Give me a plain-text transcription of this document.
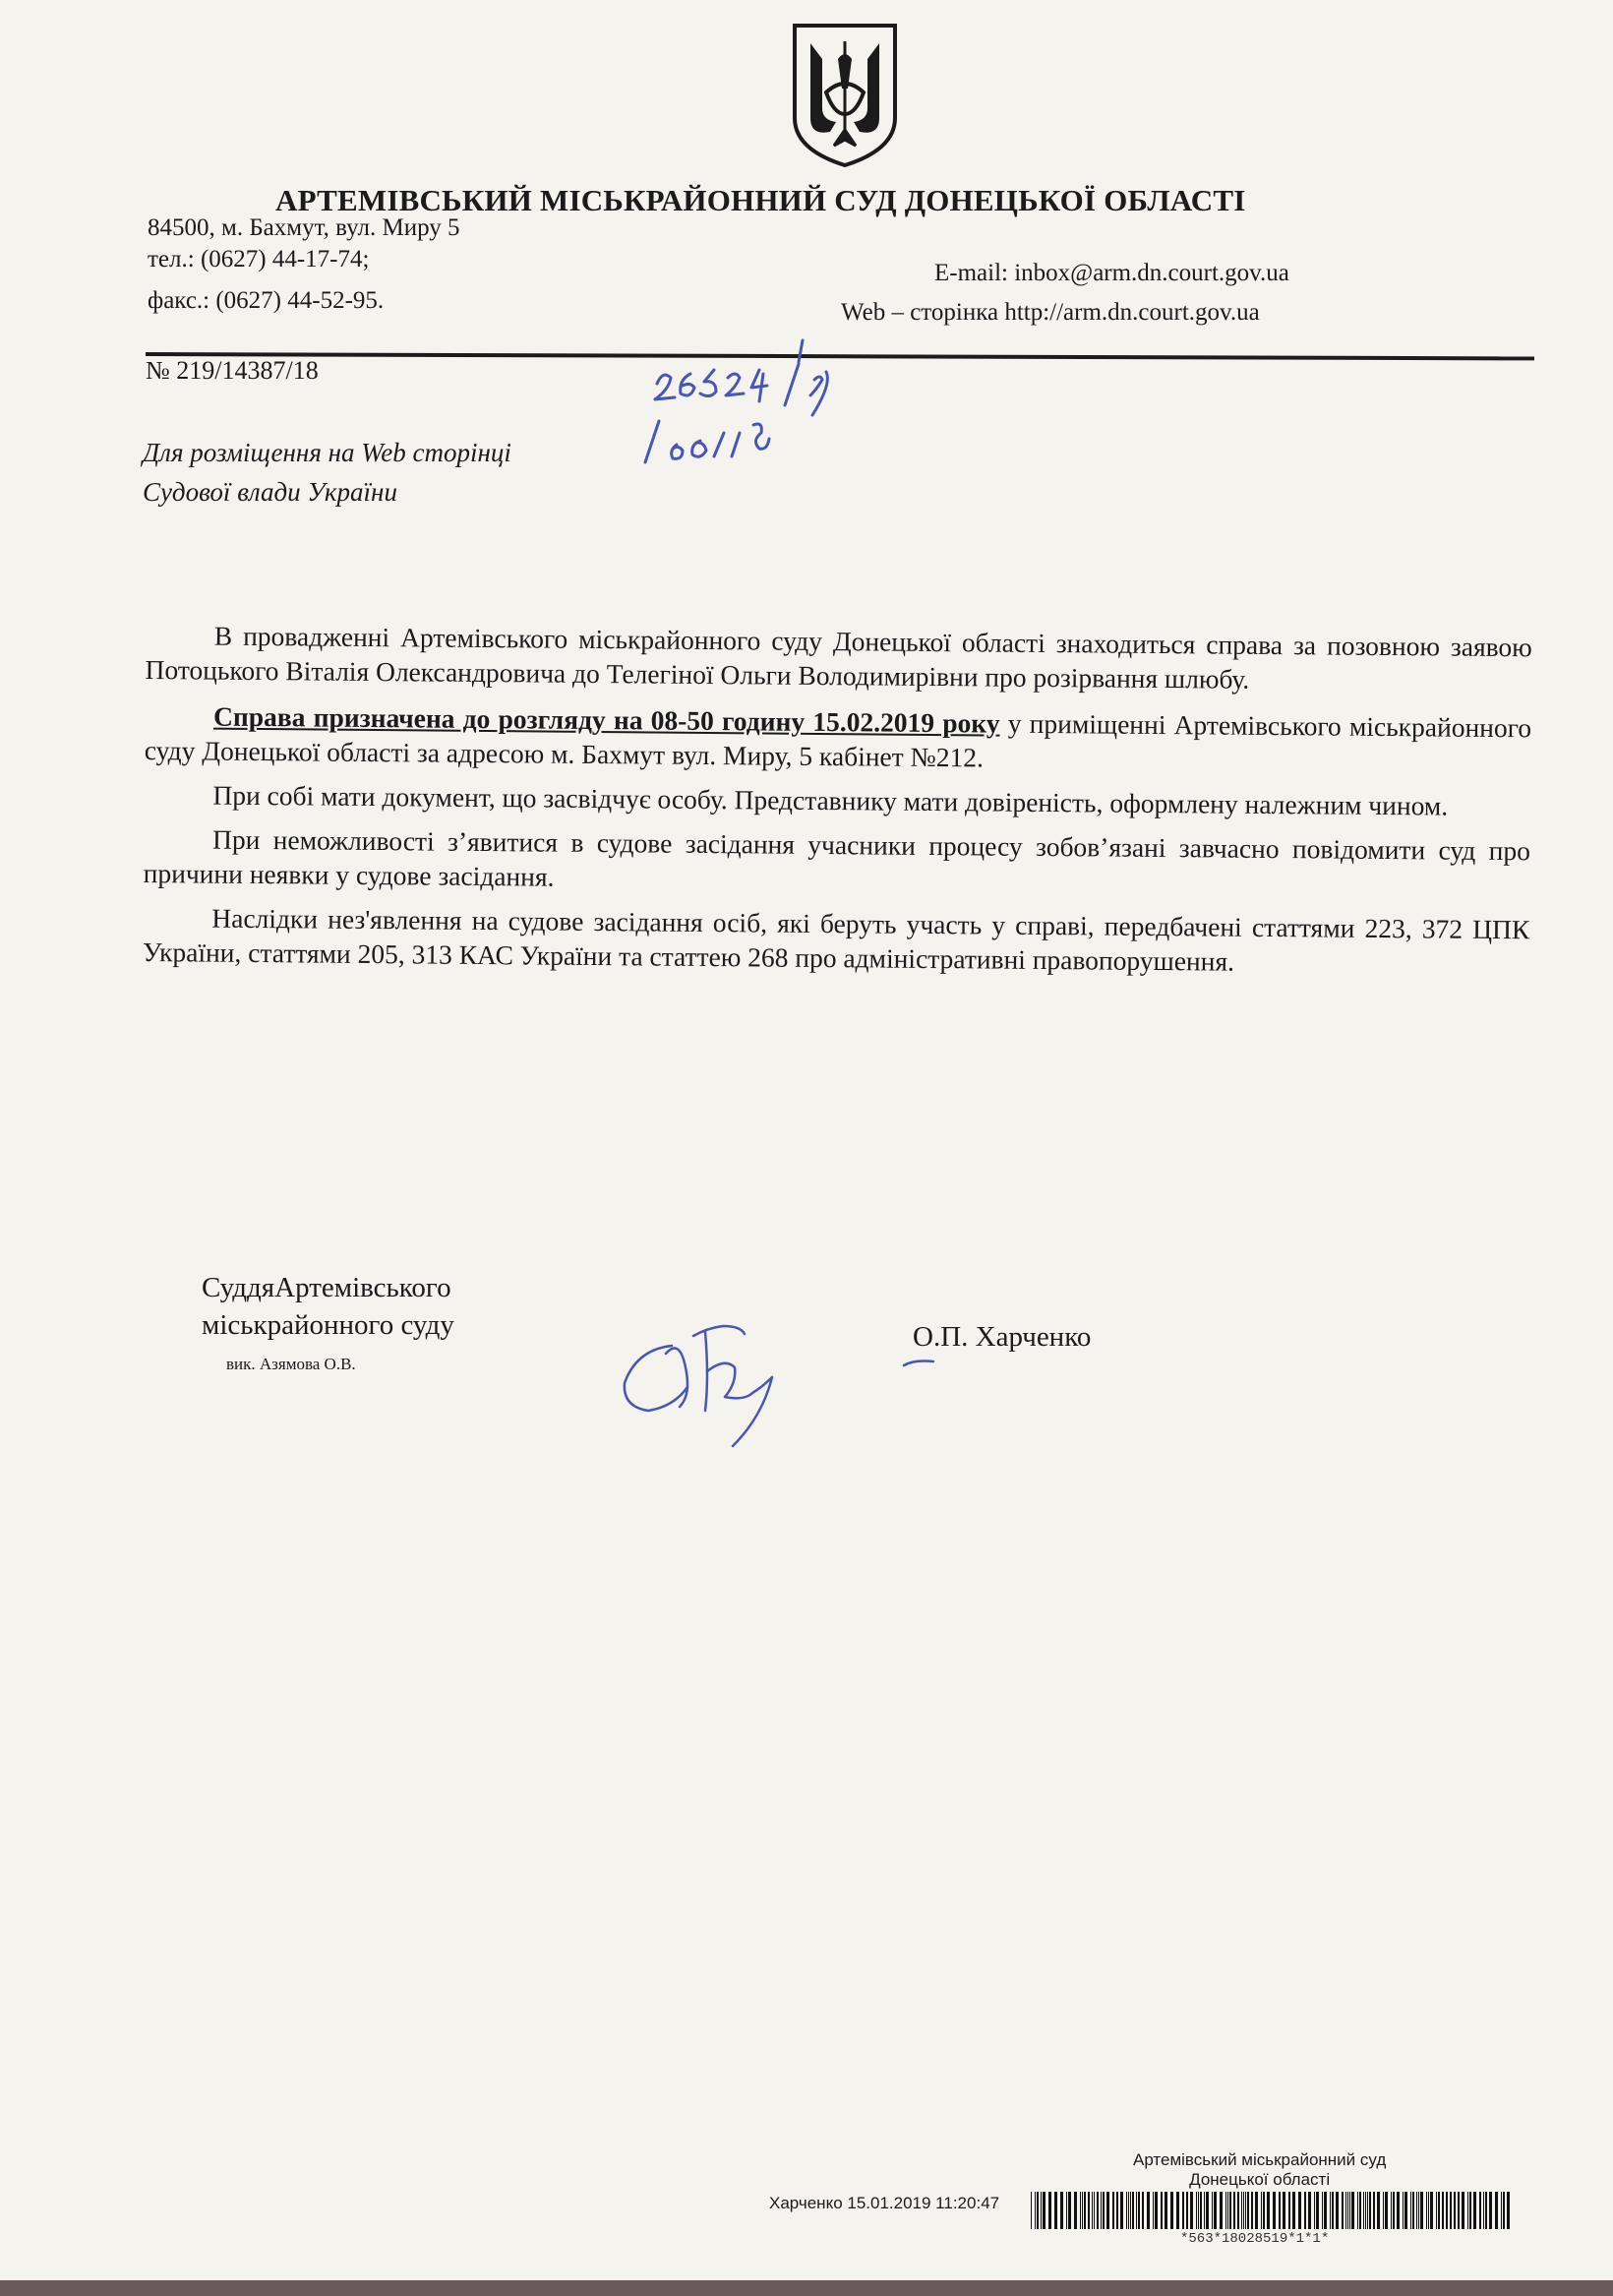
АРТЕМІВСЬКИЙ МІСЬКРАЙОННИЙ СУД ДОНЕЦЬКОЇ ОБЛАСТІ
84500, м. Бахмут, вул. Миру 5
тел.: (0627) 44-17-74;
факс.: (0627) 44-52-95.
E-mail: inbox@arm.dn.court.gov.ua
Web – сторінка http://arm.dn.court.gov.ua
№ 219/14387/18
Для розміщення на Web сторінці
Судової влади України

В провадженні Артемівського міськрайонного суду Донецької області знаходиться справа за позовною заявою Потоцького Віталія Олександровича до Телегіної Ольги Володимирівни про розірвання шлюбу.

Справа призначена до розгляду на 08-50 годину 15.02.2019 року у приміщенні Артемівського міськрайонного суду Донецької області за адресою м. Бахмут вул. Миру, 5 кабінет №212.

При собі мати документ, що засвідчує особу. Представнику мати довіреність, оформлену належним чином.

При неможливості з’явитися в судове засідання учасники процесу зобов’язані завчасно повідомити суд про причини неявки у судове засідання.

Наслідки нез'явлення на судове засідання осіб, які беруть участь у справі, передбачені статтями 223, 372 ЦПК України, статтями 205, 313 КАС України та статтею 268 про адміністративні правопорушення.

СуддяАртемівського
міськрайонного суду
вик. Азямова О.В.
О.П. Харченко
Артемівський міськрайонний суд
Донецької області
Харченко 15.01.2019 11:20:47
*563*18028519*1*1*
